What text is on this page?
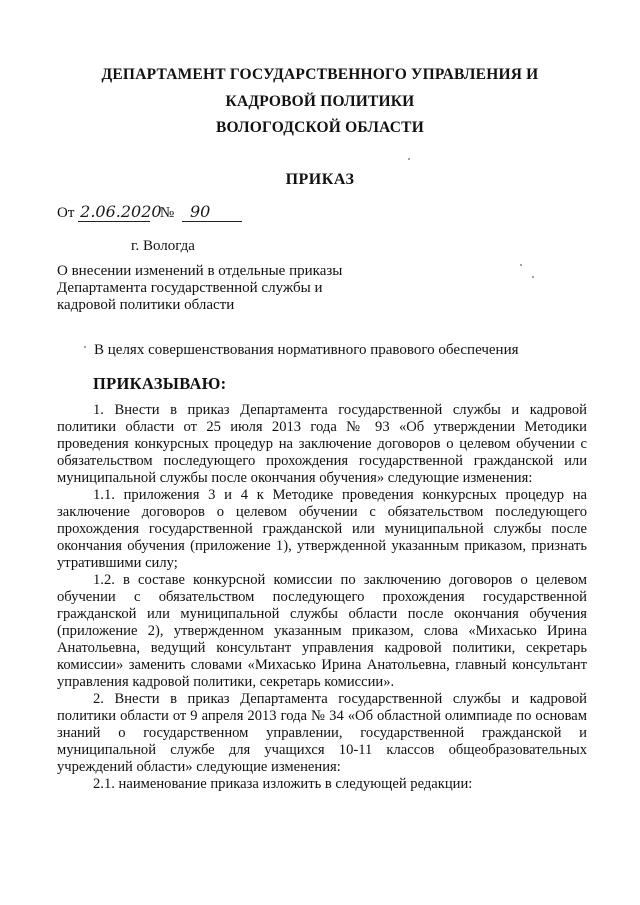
ДЕПАРТАМЕНТ ГОСУДАРСТВЕННОГО УПРАВЛЕНИЯ И
КАДРОВОЙ ПОЛИТИКИ
ВОЛОГОДСКОЙ ОБЛАСТИ
ПРИКАЗ
От 2.06.2020 № 90
г. Вологда
О внесении изменений в отдельные приказы Департамента государственной службы и кадровой политики области
В целях совершенствования нормативного правового обеспечения
ПРИКАЗЫВАЮ:

1. Внести в приказ Департамента государственной службы и кадровой политики области от 25 июля 2013 года № 93 «Об утверждении Методики проведения конкурсных процедур на заключение договоров о целевом обучении с обязательством последующего прохождения государственной гражданской или муниципальной службы после окончания обучения» следующие изменения:

1.1. приложения 3 и 4 к Методике проведения конкурсных процедур на заключение договоров о целевом обучении с обязательством последующего прохождения государственной гражданской или муниципальной службы после окончания обучения (приложение 1), утвержденной указанным приказом, признать утратившими силу;

1.2. в составе конкурсной комиссии по заключению договоров о целевом обучении с обязательством последующего прохождения государственной гражданской или муниципальной службы области после окончания обучения (приложение 2), утвержденном указанным приказом, слова «Михасько Ирина Анатольевна, ведущий консультант управления кадровой политики, секретарь комиссии» заменить словами «Михасько Ирина Анатольевна, главный консультант управления кадровой политики, секретарь комиссии».

2. Внести в приказ Департамента государственной службы и кадровой политики области от 9 апреля 2013 года № 34 «Об областной олимпиаде по основам знаний о государственном управлении, государственной гражданской и муниципальной службе для учащихся 10-11 классов общеобразовательных учреждений области» следующие изменения:

2.1. наименование приказа изложить в следующей редакции:
